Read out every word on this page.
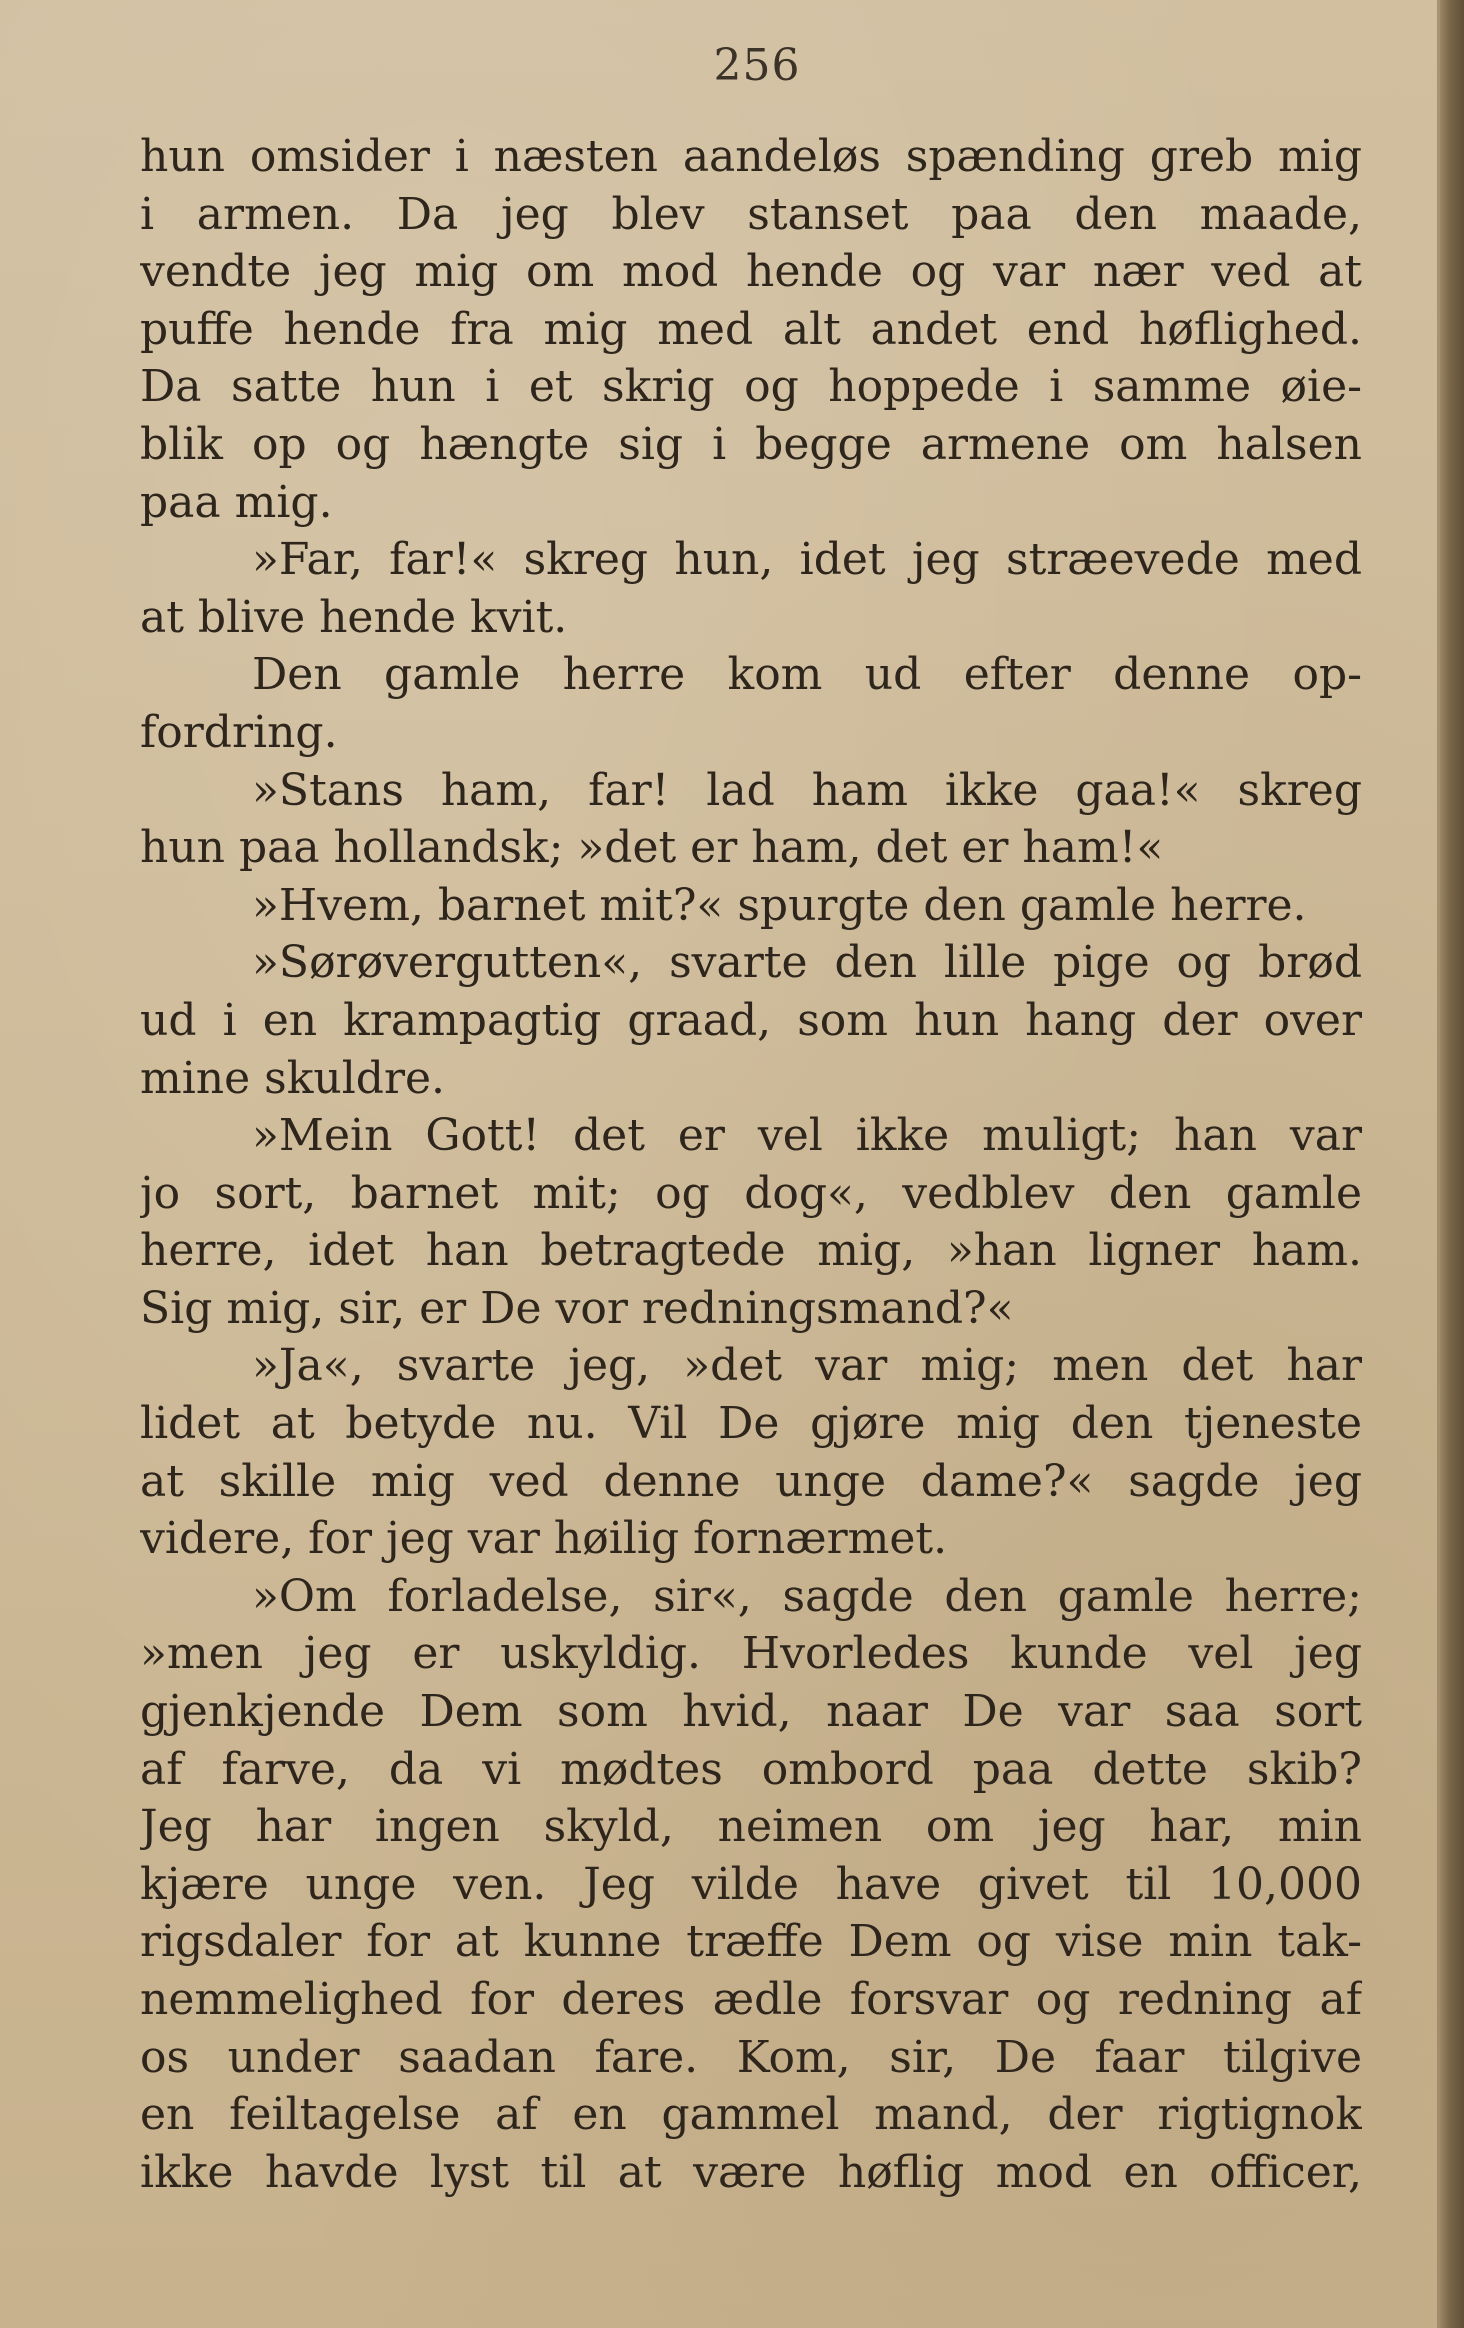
256
hun omsider i næsten aandeløs spænding greb mig
i armen. Da jeg blev stanset paa den maade,
vendte jeg mig om mod hende og var nær ved at
puffe hende fra mig med alt andet end høflighed.
Da satte hun i et skrig og hoppede i samme øie-
blik op og hængte sig i begge armene om halsen
paa mig.
»Far, far!« skreg hun, idet jeg stræevede med
at blive hende kvit.
Den gamle herre kom ud efter denne op-
fordring.
»Stans ham, far! lad ham ikke gaa!« skreg
hun paa hollandsk; »det er ham, det er ham!«
»Hvem, barnet mit?« spurgte den gamle herre.
»Sørøvergutten«, svarte den lille pige og brød
ud i en krampagtig graad, som hun hang der over
mine skuldre.
»Mein Gott! det er vel ikke muligt; han var
jo sort, barnet mit; og dog«, vedblev den gamle
herre, idet han betragtede mig, »han ligner ham.
Sig mig, sir, er De vor redningsmand?«
»Ja«, svarte jeg, »det var mig; men det har
lidet at betyde nu. Vil De gjøre mig den tjeneste
at skille mig ved denne unge dame?« sagde jeg
videre, for jeg var høilig fornærmet.
»Om forladelse, sir«, sagde den gamle herre;
»men jeg er uskyldig. Hvorledes kunde vel jeg
gjenkjende Dem som hvid, naar De var saa sort
af farve, da vi mødtes ombord paa dette skib?
Jeg har ingen skyld, neimen om jeg har, min
kjære unge ven. Jeg vilde have givet til 10,000
rigsdaler for at kunne træffe Dem og vise min tak-
nemmelighed for deres ædle forsvar og redning af
os under saadan fare. Kom, sir, De faar tilgive
en feiltagelse af en gammel mand, der rigtignok
ikke havde lyst til at være høflig mod en officer,
